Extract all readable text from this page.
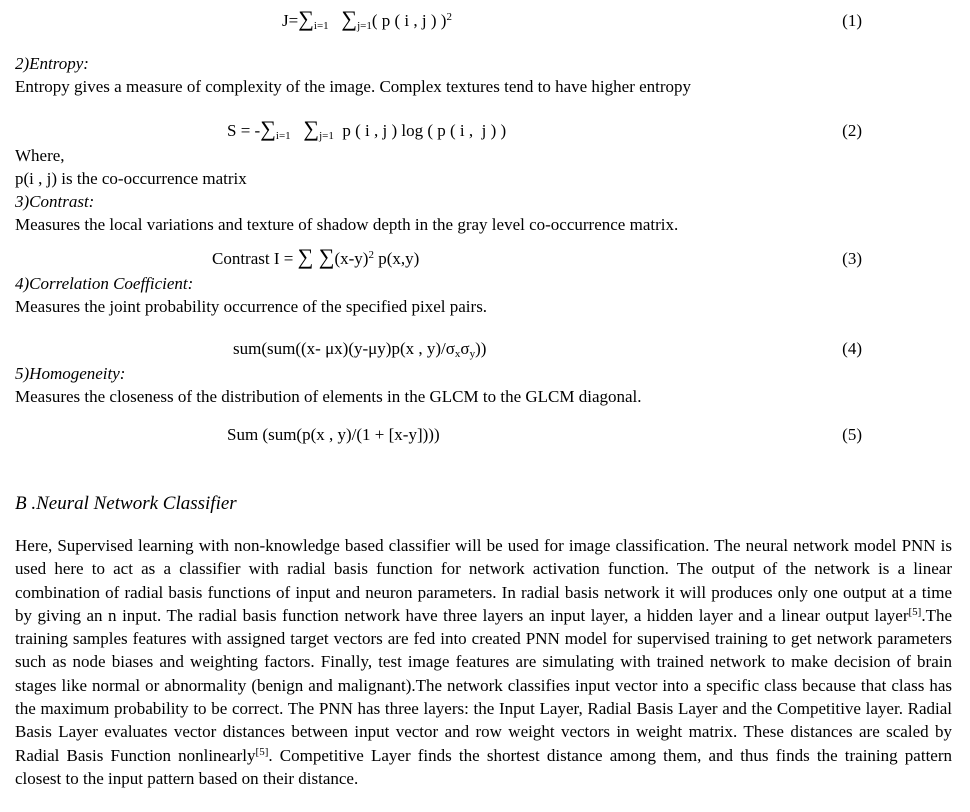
$J=\sum_{i=1}$ $\sum_{j=1}$( p ( i , j ) )$^2$	(1)
2)Entropy:
Entropy gives a measure of complexity of the image. Complex textures tend to have higher entropy
$S = -\sum_{i=1}$ $\sum_{j=1}$  p ( i , j ) log ( p ( i ,  j ) )	(2)
Where,
p(i , j) is the co-occurrence matrix
3)Contrast:
Measures the local variations and texture of shadow depth in the gray level co-occurrence matrix.
Contrast I = ∑ $\sum(x-y)^2$ p(x,y)	(3)
4)Correlation Coefficient:
Measures the joint probability occurrence of the specified pixel pairs.
sum(sum((x- μx)(y-μy)p(x , $y)/\sigma_x\sigma_y$))	(4)
5)Homogeneity:
Measures the closeness of the distribution of elements in the GLCM to the GLCM diagonal.
Sum (sum(p(x , y)/(1 + [x-y])))	(5)
B .Neural Network Classifier
Here, Supervised learning with non-knowledge based classifier will be used for image classification. The neural network model PNN is used here to act as a classifier with radial basis function for network activation function. The output of the network is a linear combination of radial basis functions of input and neuron parameters. In radial basis network it will produces only one output at a time by giving an n input. The radial basis function network have three layers an input layer, a hidden layer and a linear output layer[5].The training samples features with assigned target vectors are fed into created PNN model for supervised training to get network parameters such as node biases and weighting factors. Finally, test image features are simulating with trained network to make decision of brain stages like normal or abnormality (benign and malignant).The network classifies input vector into a specific class because that class has the maximum probability to be correct. The PNN has three layers: the Input Layer, Radial Basis Layer and the Competitive layer. Radial Basis Layer evaluates vector distances between input vector and row weight vectors in weight matrix. These distances are scaled by Radial Basis Function nonlinearly[5]. Competitive Layer finds the shortest distance among them, and thus finds the training pattern closest to the input pattern based on their distance.
